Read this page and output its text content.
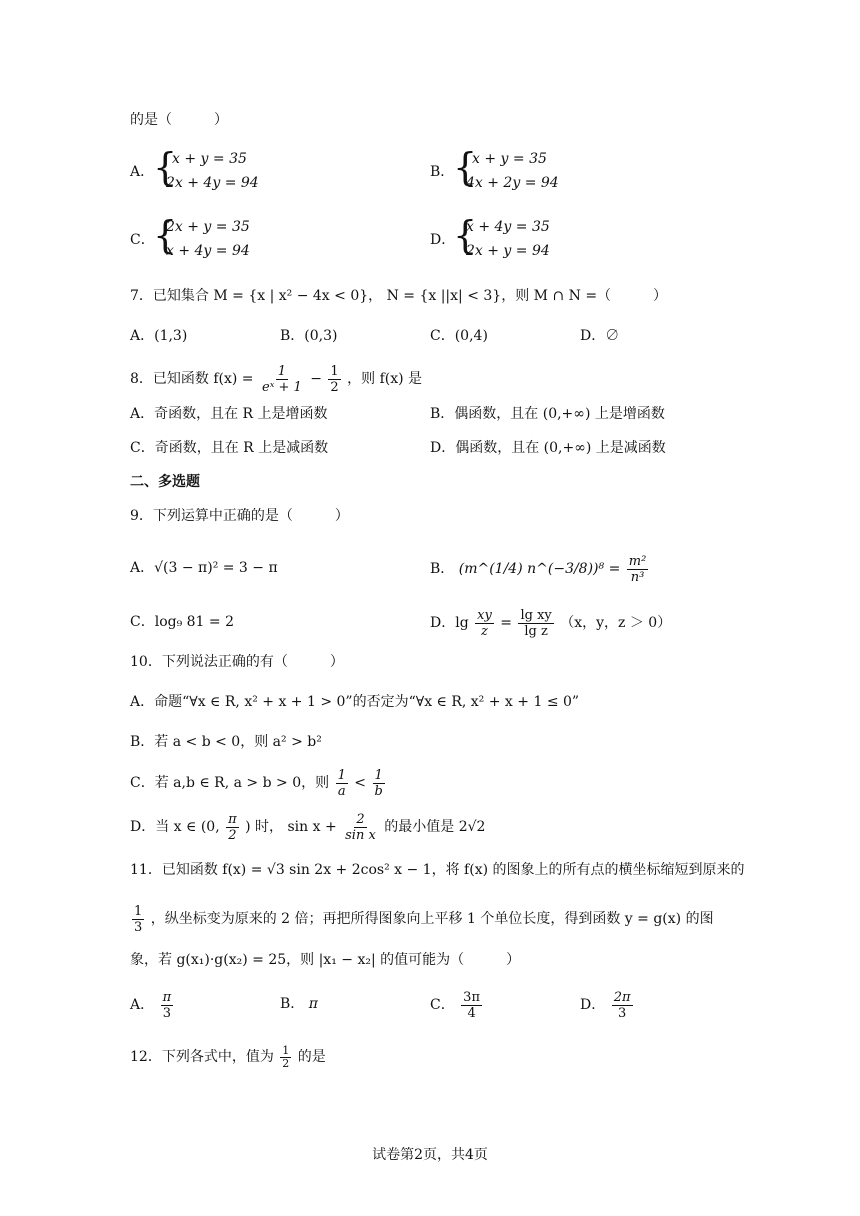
的是（　　　）
A．
{
x + y = 35
2x + 4y = 94
B．
{
x + y = 35
4x + 2y = 94
C．
{
2x + y = 35
x + 4y = 94
D．
{
x + 4y = 35
2x + y = 94
7．已知集合 M = {x | x² − 4x < 0}， N = {x ||x| < 3}，则 M ∩ N =（　　　）
A．(1,3)	B．(0,3)	C．(0,4)	D．∅
8．已知函数 $f(x) = \frac{1}{\text{eˣ + 1}} - \frac{1}{2}$ ，则 f(x) 是
A．奇函数，且在 R 上是增函数	B．偶函数，且在 (0,+∞) 上是增函数
C．奇函数，且在 R 上是减函数	D．偶函数，且在 (0,+∞) 上是减函数
二、多选题
9．下列运算中正确的是（　　　）
A．√(3 − π)² = 3 − π	B． (m^(1/4) n^(−3/8))⁸ = $\frac{\text{m²}}{\text{n³}}$
C．log₉ 81 = 2	D．$\lg \frac{xy}{z} = \frac{\text{lg xy}}{\text{lg z}} (x$，y，z ＞ 0）
10．下列说法正确的有（　　　）
A．命题“∀x ∈ R, x² + x + 1 > 0”的否定为“∀x ∈ R, x² + x + 1 ≤ 0”
B．若 a < b < 0，则 a² > b²
C．若 a,b ∈ R, a > b > 0，则 $\frac{1}{a} < \frac{1}{b}$
D．当 x ∈ (0, $\frac{\pi}{2}$ ) 时， $\sin x + \frac{2}{\text{sin x}}$ 的最小值是 2√2
11．已知函数 f(x) = √3 sin 2x + 2cos² x − 1，将 f(x) 的图象上的所有点的横坐标缩短到原来的
$\frac{1}{3}$ ，纵坐标变为原来的 2 倍；再把所得图象向上平移 1 个单位长度，得到函数 y = g(x) 的图
象，若 g(x₁)·g(x₂) = 25，则 |x₁ − x₂| 的值可能为（　　　）
A． $\frac{\pi}{3}$	B． π	C． $\frac{3\pi}{4}$	D． $\frac{2\pi}{3}$
12．下列各式中，值为 $\frac{1}{2}$ 的是
试卷第2页，共4页
